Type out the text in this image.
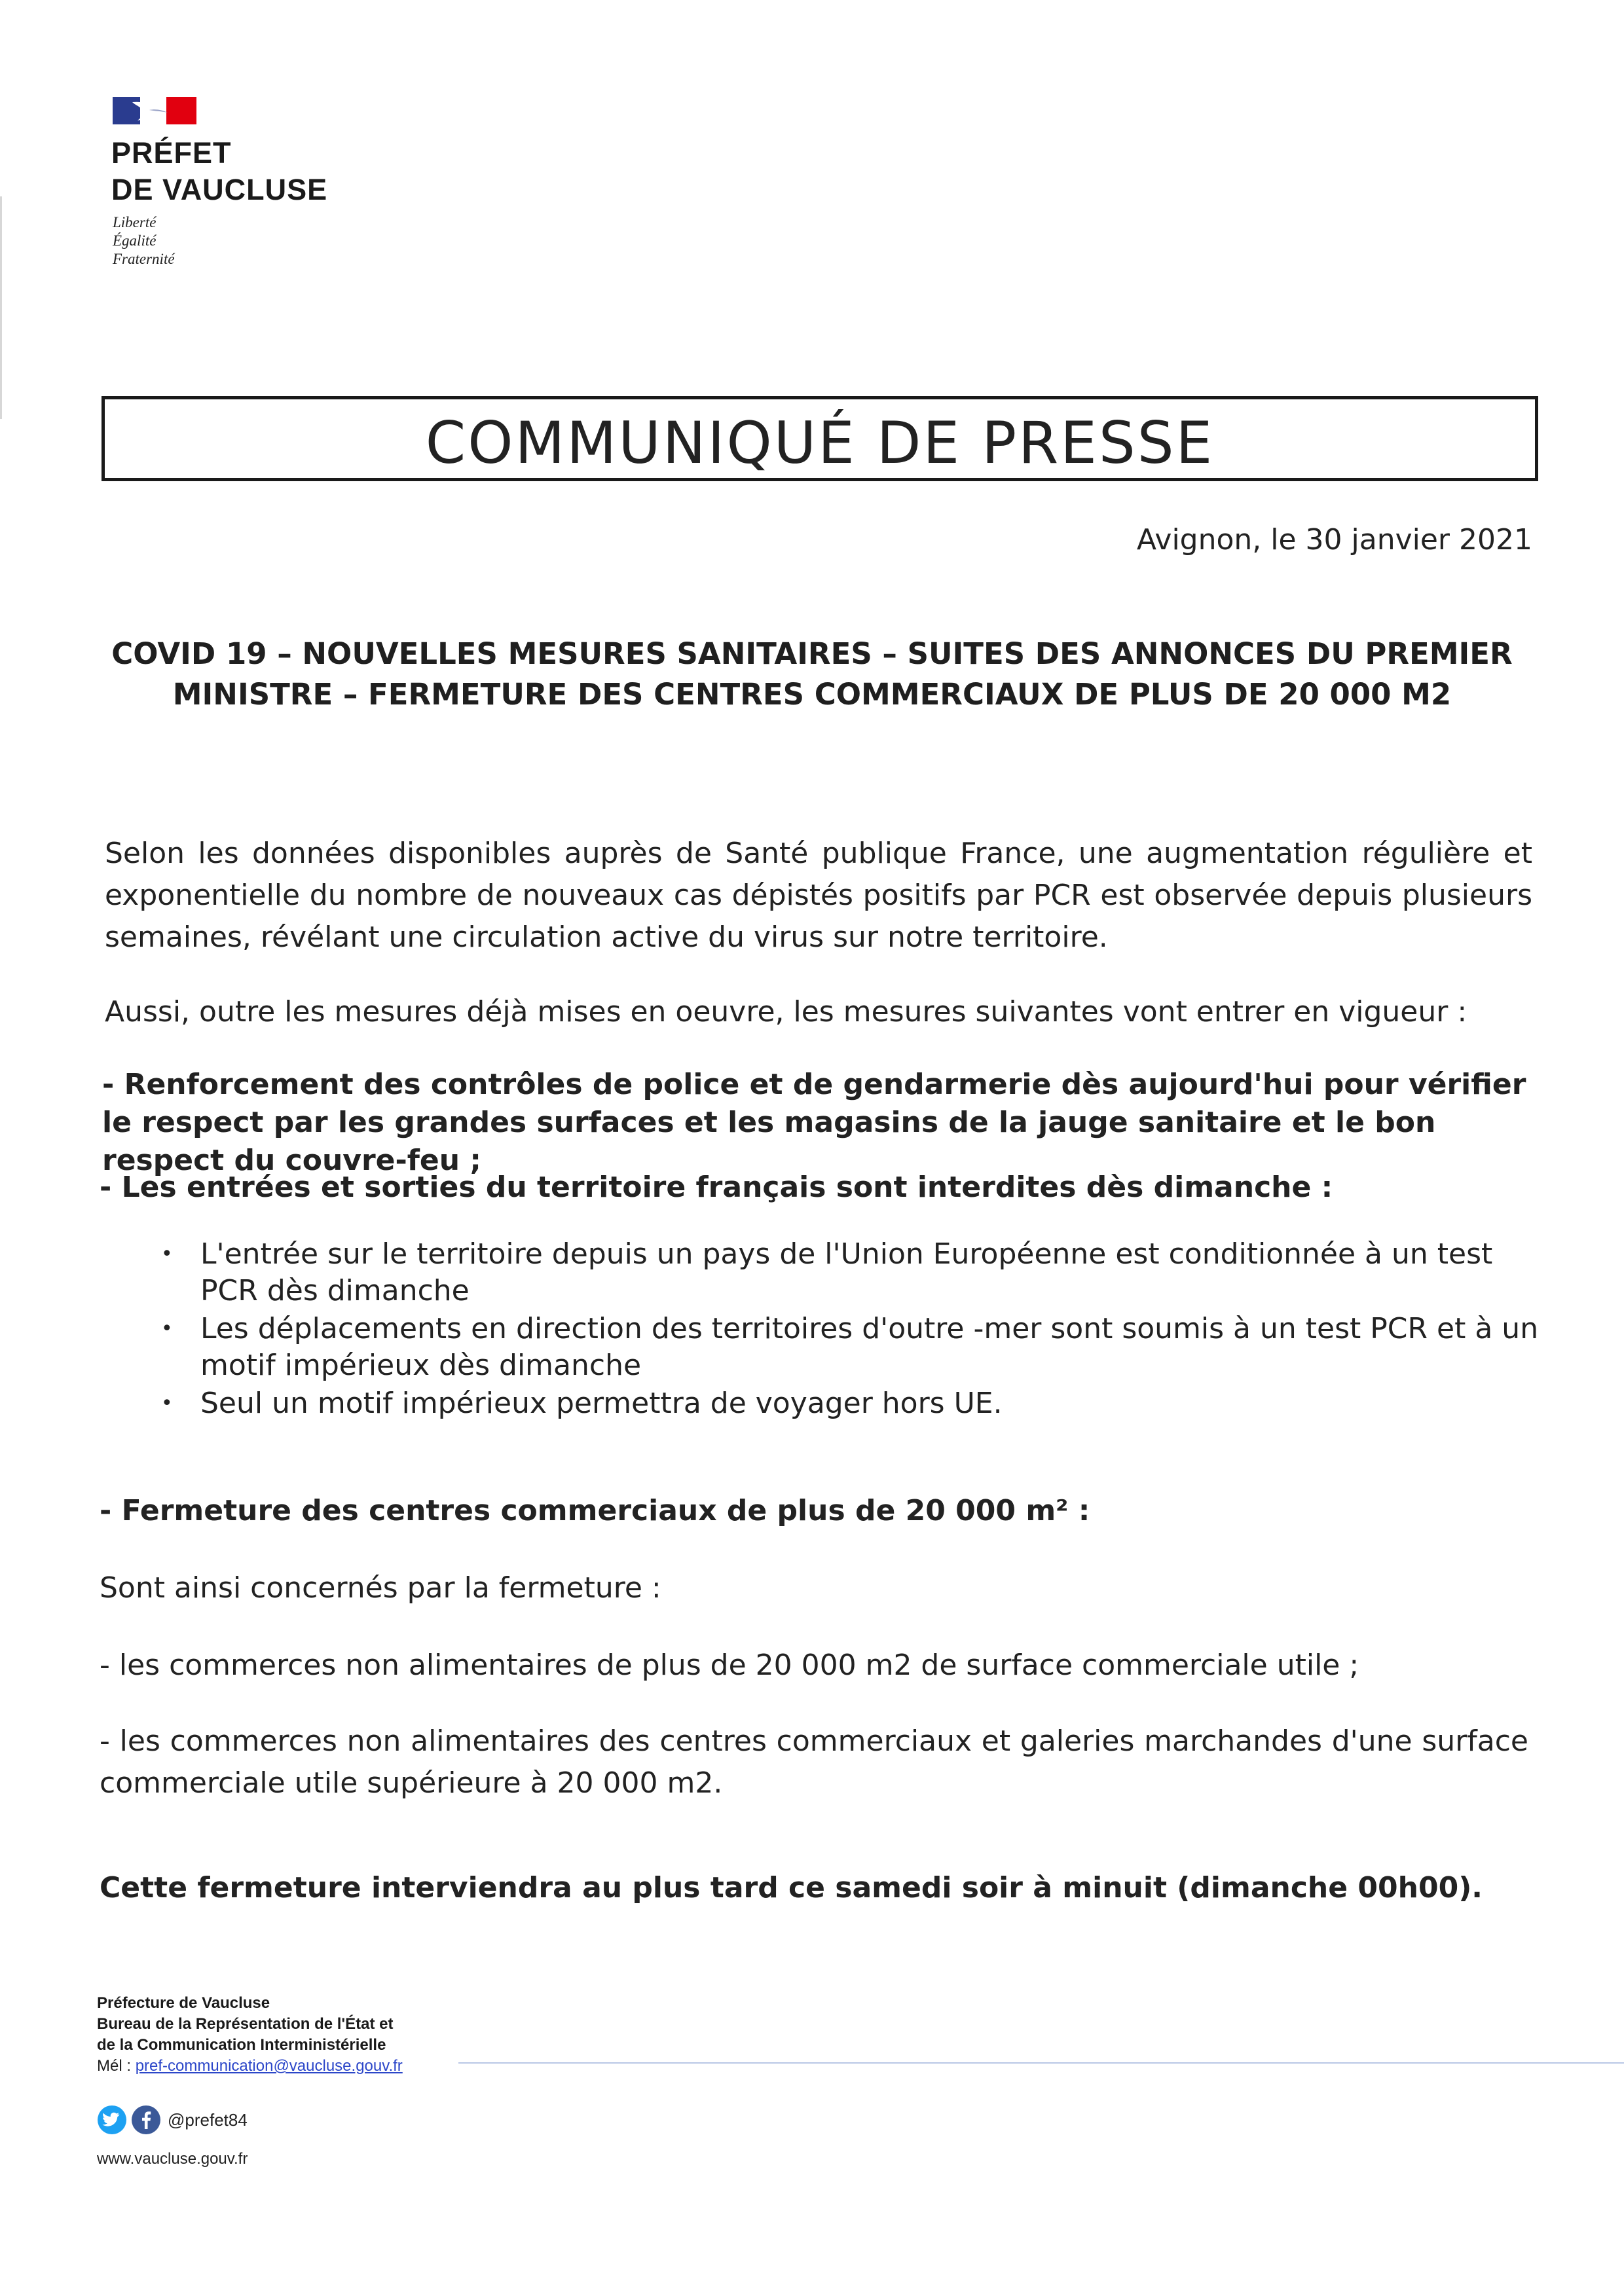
PRÉFET
DE VAUCLUSE
Liberté
Égalité
Fraternité
COMMUNIQUÉ DE PRESSE
Avignon, le 30 janvier 2021
COVID 19 – NOUVELLES MESURES SANITAIRES – SUITES DES ANNONCES DU PREMIER
MINISTRE – FERMETURE DES CENTRES COMMERCIAUX DE PLUS DE 20 000 M2

Selon les données disponibles auprès de Santé publique France, une augmentation régulière et exponentielle du nombre de nouveaux cas dépistés positifs par PCR est observée depuis plusieurs semaines, révélant une circulation active du virus sur notre territoire.

Aussi, outre les mesures déjà mises en oeuvre, les mesures suivantes vont entrer en vigueur :

- Renforcement des contrôles de police et de gendarmerie dès aujourd'hui pour vérifier le respect par les grandes surfaces et les magasins de la jauge sanitaire et le bon respect du couvre-feu ;

- Les entrées et sorties du territoire français sont interdites dès dimanche :

• L'entrée sur le territoire depuis un pays de l'Union Européenne est conditionnée à un test PCR dès dimanche
• Les déplacements en direction des territoires d'outre -mer sont soumis à un test PCR et à un motif impérieux dès dimanche
• Seul un motif impérieux permettra de voyager hors UE.

- Fermeture des centres commerciaux de plus de 20 000 m² :

Sont ainsi concernés par la fermeture :

- les commerces non alimentaires de plus de 20 000 m2 de surface commerciale utile ;

- les commerces non alimentaires des centres commerciaux et galeries marchandes d'une surface commerciale utile supérieure à 20 000 m2.

Cette fermeture interviendra au plus tard ce samedi soir à minuit (dimanche 00h00).

Préfecture de Vaucluse
Bureau de la Représentation de l'État et
de la Communication Interministérielle
Mél : pref-communication@vaucluse.gouv.fr
@prefet84
www.vaucluse.gouv.fr
